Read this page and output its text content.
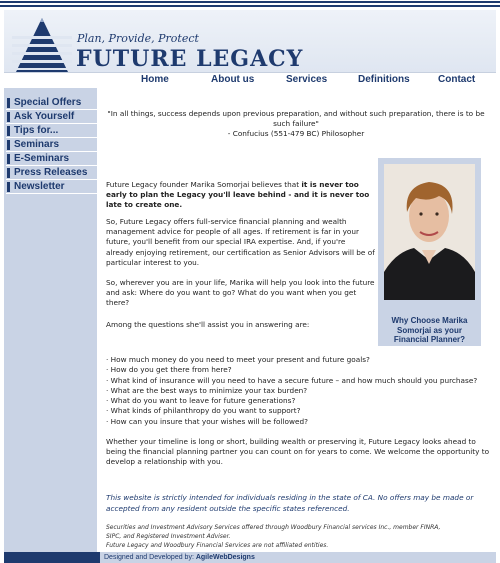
Plan, Provide, Protect
FUTURE LEGACY
Home	About us	Services	Definitions	Contact
Special Offers
Ask Yourself
Tips for...
Seminars
E-Seminars
Press Releases
Newsletter
"In all things, success depends upon previous preparation, and without such preparation, there is to be
such failure"
- Confucius (551-479 BC) Philosopher
Future Legacy founder Marika Somorjai believes that it is never too
early to plan the Legacy you'll leave behind - and it is never too
late to create one.
So, Future Legacy offers full-service financial planning and wealth
management advice for people of all ages. If retirement is far in your
future, you'll benefit from our special IRA expertise. And, if you're
already enjoying retirement, our certification as Senior Advisors will be of
particular interest to you.
So, wherever you are in your life, Marika will help you look into the future
and ask: Where do you want to go? What do you want when you get
there?
Among the questions she'll assist you in answering are:	Why Choose Marika
Somorjai as your
Financial Planner?
· How much money do you need to meet your present and future goals?
· How do you get there from here?
· What kind of insurance will you need to have a secure future – and how much should you purchase?
· What are the best ways to minimize your tax burden?
· What do you want to leave for future generations?
· What kinds of philanthropy do you want to support?
· How can you insure that your wishes will be followed?
Whether your timeline is long or short, building wealth or preserving it, Future Legacy looks ahead to
being the financial planning partner you can count on for years to come. We welcome the opportunity to
develop a relationship with you.
This website is strictly intended for individuals residing in the state of CA. No offers may be made or
accepted from any resident outside the specific states referenced.
Securities and Investment Advisory Services offered through Woodbury Financial services Inc., member FINRA,
SIPC, and Registered Investment Adviser.
Future Legacy and Woodbury Financial Services are not affiliated entities.
Designed and Developed by: AgileWebDesigns
